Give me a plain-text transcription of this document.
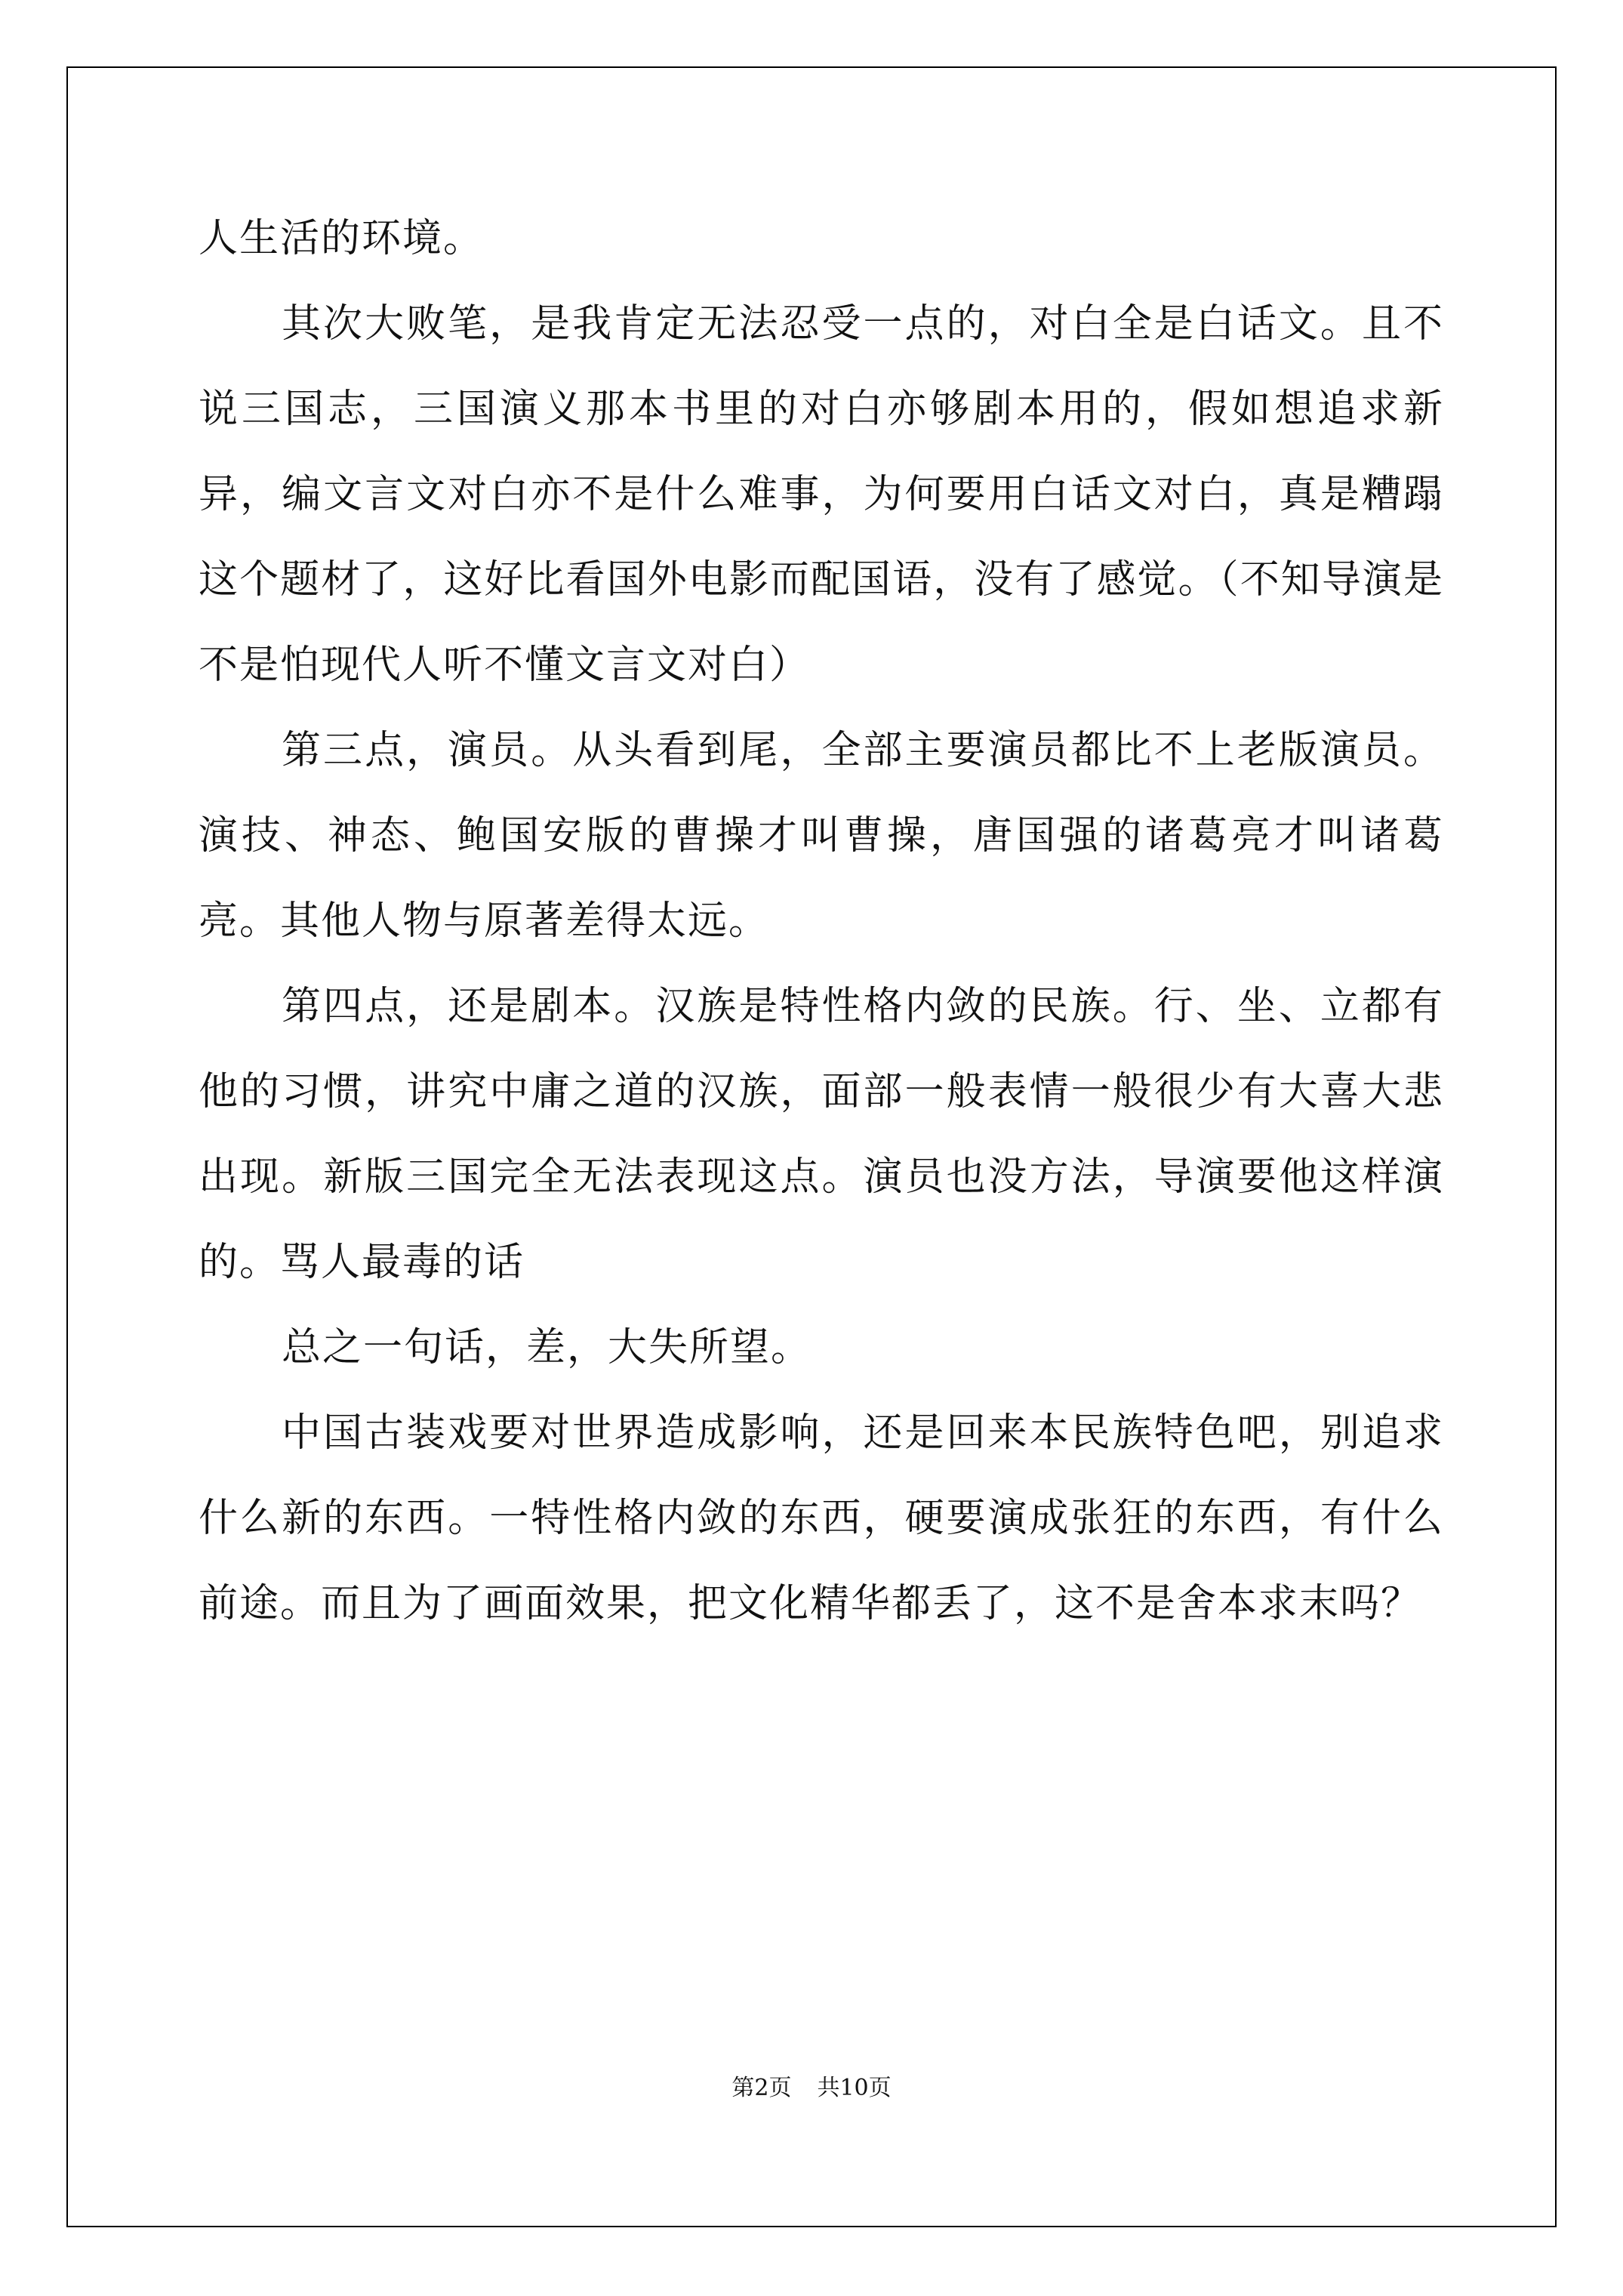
人生活的环境。

其次大败笔，是我肯定无法忍受一点的，对白全是白话文。且不说三国志，三国演义那本书里的对白亦够剧本用的，假如想追求新异，编文言文对白亦不是什么难事，为何要用白话文对白，真是糟蹋这个题材了，这好比看国外电影而配国语，没有了感觉。（不知导演是不是怕现代人听不懂文言文对白）

第三点，演员。从头看到尾，全部主要演员都比不上老版演员。演技、神态、鲍国安版的曹操才叫曹操，唐国强的诸葛亮才叫诸葛亮。其他人物与原著差得太远。

第四点，还是剧本。汉族是特性格内敛的民族。行、坐、立都有他的习惯，讲究中庸之道的汉族，面部一般表情一般很少有大喜大悲出现。新版三国完全无法表现这点。演员也没方法，导演要他这样演的。骂人最毒的话

总之一句话，差，大失所望。

中国古装戏要对世界造成影响，还是回来本民族特色吧，别追求什么新的东西。一特性格内敛的东西，硬要演成张狂的东西，有什么前途。而且为了画面效果，把文化精华都丢了，这不是舍本求末吗？

第2页 共10页
